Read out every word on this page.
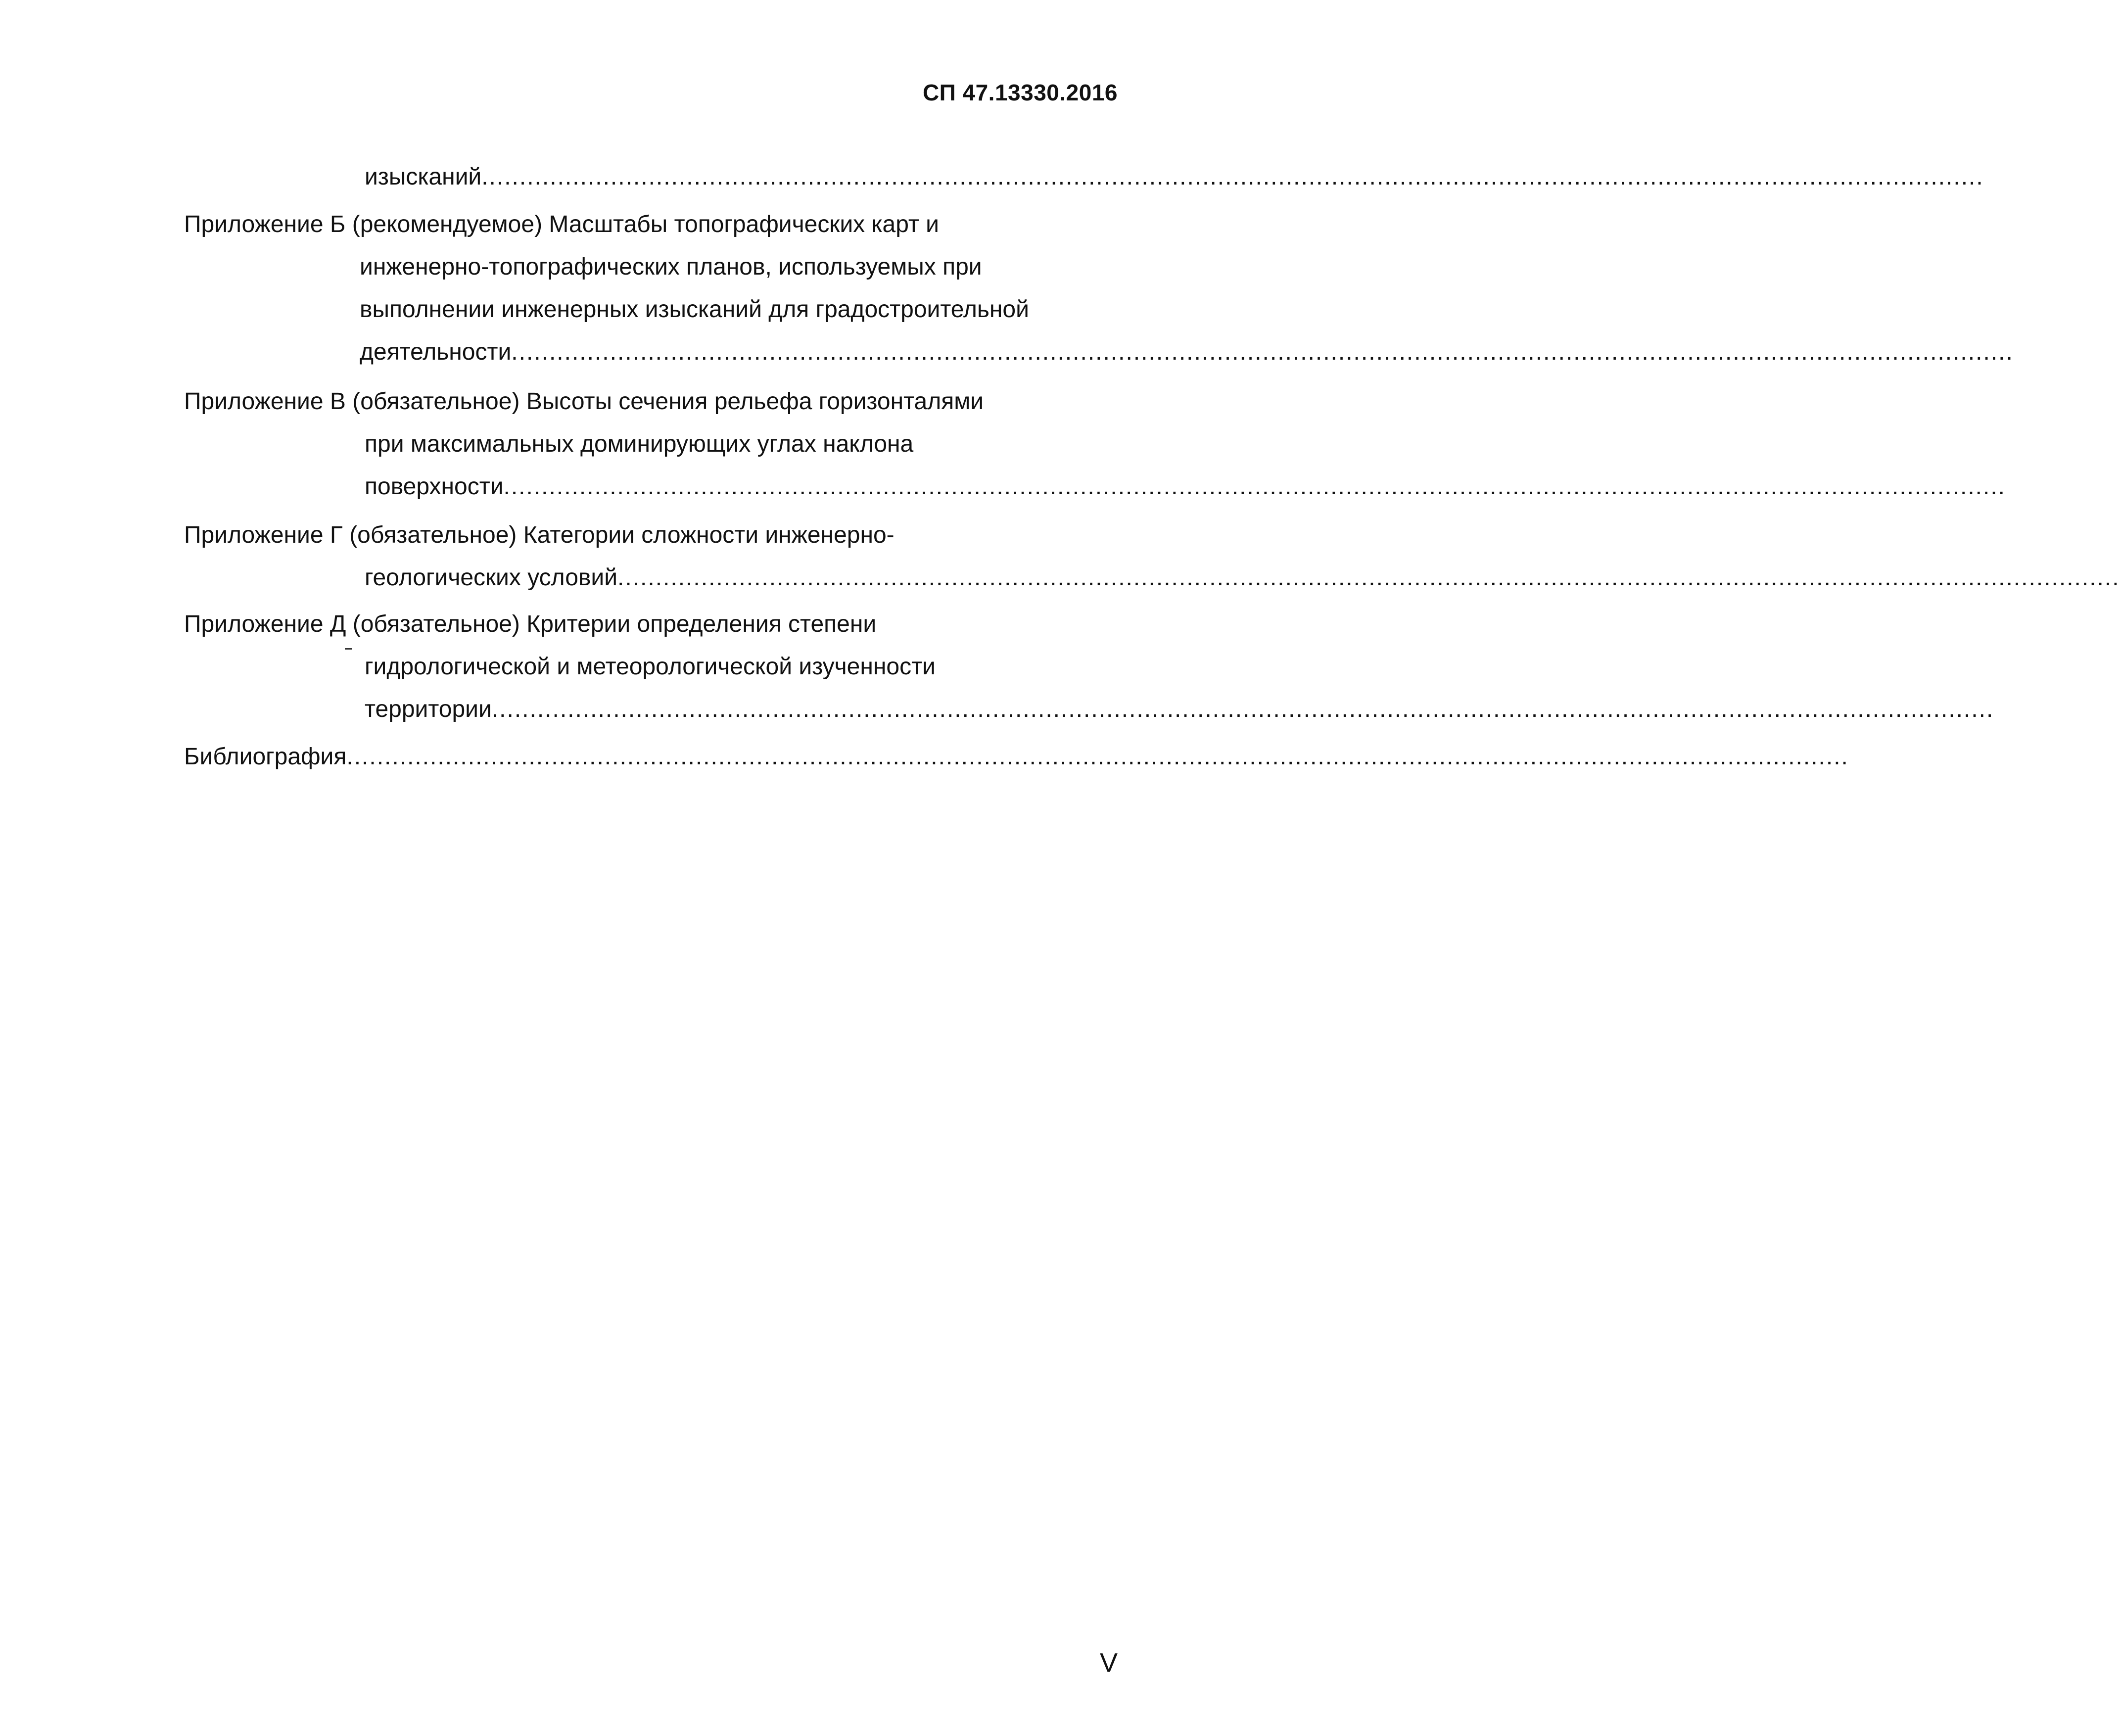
СП 47.13330.2016
изысканий ......................................................................................................................................................................................................
Приложение Б (рекомендуемое) Масштабы топографических карт и
инженерно-топографических планов, используемых при
выполнении инженерных изысканий для градостроительной
деятельности ......................................................................................................................................................................................................
Приложение В (обязательное) Высоты сечения рельефа горизонталями
при максимальных доминирующих углах наклона
поверхности ......................................................................................................................................................................................................
Приложение Г (обязательное) Категории сложности инженерно-
геологических условий ......................................................................................................................................................................................................
Приложение Д (обязательное) Критерии определения степени
гидрологической и метеорологической изученности
территории ......................................................................................................................................................................................................
Библиография ......................................................................................................................................................................................................
V
